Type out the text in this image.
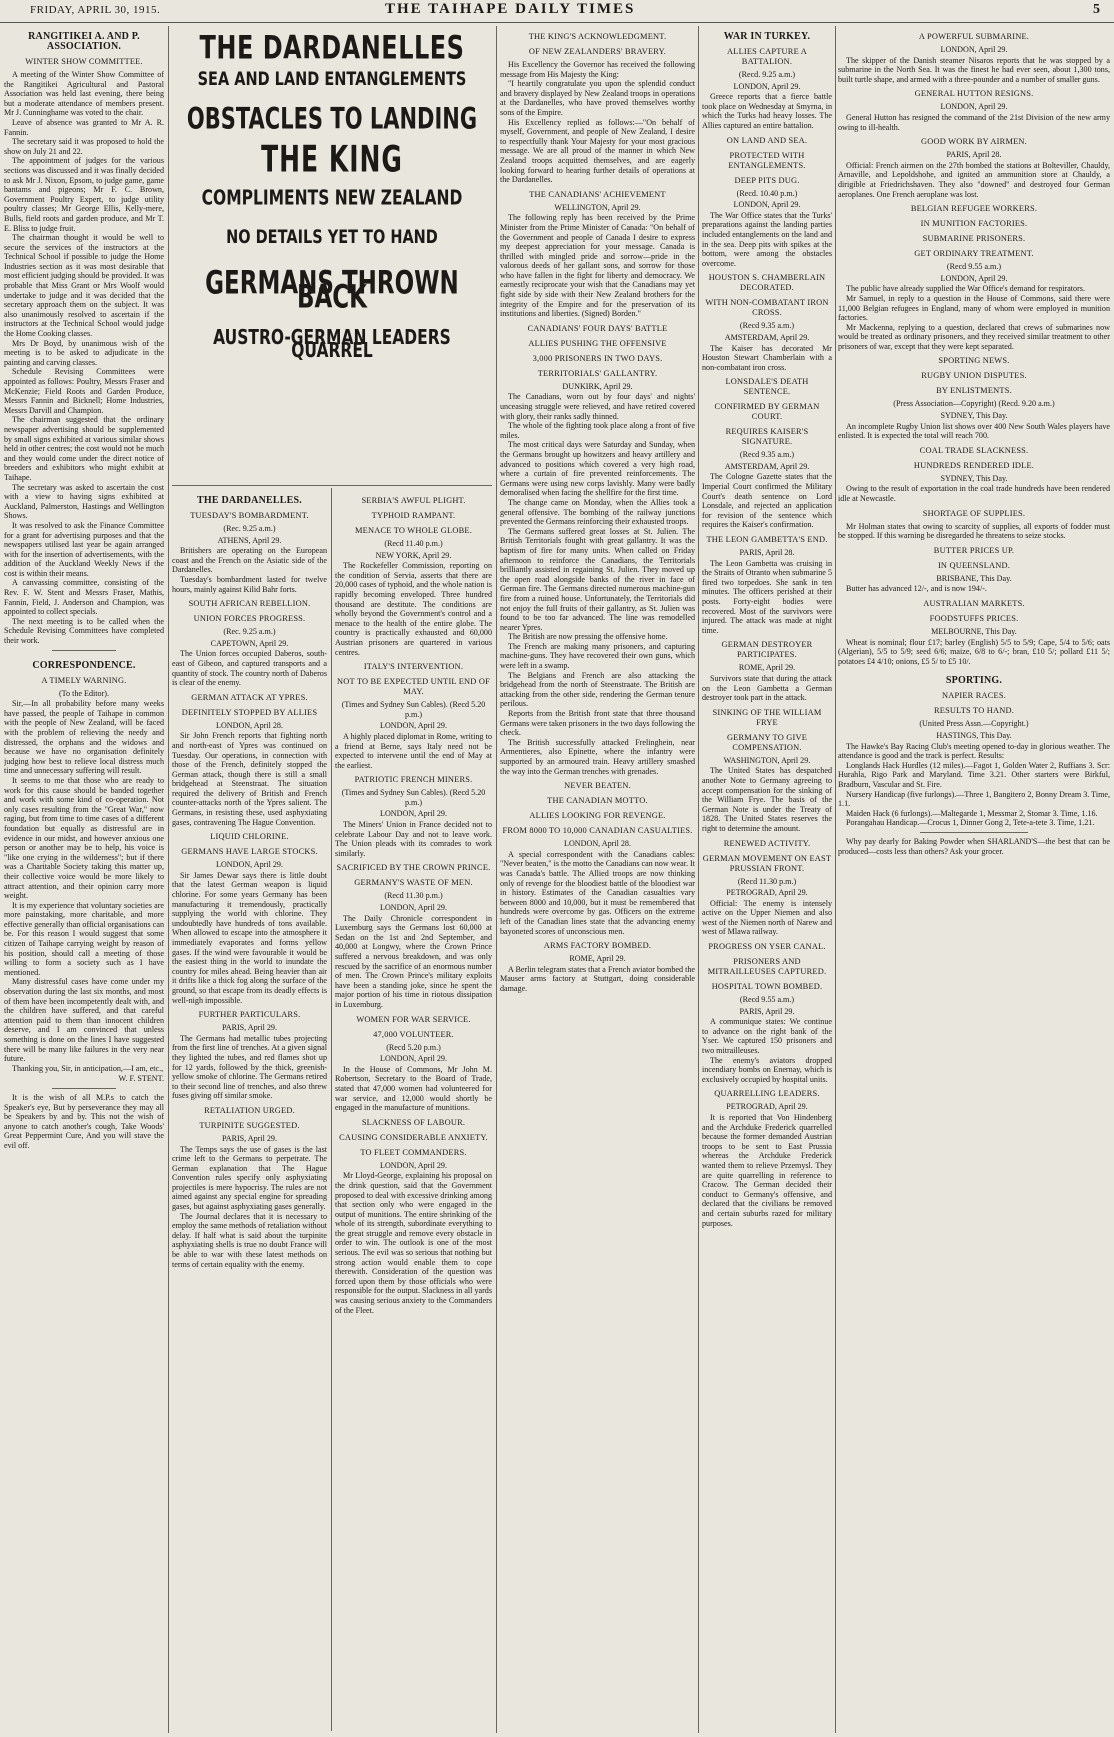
FRIDAY, APRIL 30, 1915.	THE TAIHAPE DAILY TIMES	5
RANGITIKEI A. AND P. ASSOCIATION.
WINTER SHOW COMMITTEE.

A meeting of the Winter Show Committee of the Rangitikei Agricultural and Pastoral Association was held last evening, there being but a moderate attendance of members present. Mr J. Cunninghame was voted to the chair.

Leave of absence was granted to Mr A. R. Fannin.

The secretary said it was proposed to hold the show on July 21 and 22.

The appointment of judges for the various sections was discussed and it was finally decided to ask Mr J. Nixon, Epsom, to judge game, game bantams and pigeons; Mr F. C. Brown, Government Poultry Expert, to judge utility poultry classes; Mr George Ellis, Kelly-mere, Bulls, field roots and garden produce, and Mr T. E. Bliss to judge fruit.

The chairman thought it would be well to secure the services of the instructors at the Technical School if possible to judge the Home Industries section as it was most desirable that most efficient judging should be provided. It was probable that Miss Grant or Mrs Woolf would undertake to judge and it was decided that the secretary approach them on the subject. It was also unanimously resolved to ascertain if the instructors at the Technical School would judge the Home Cooking classes.

Mrs Dr Boyd, by unanimous wish of the meeting is to be asked to adjudicate in the painting and carving classes.

Schedule Revising Committees were appointed as follows: Poultry, Messrs Fraser and McKenzie; Field Roots and Garden Produce, Messrs Fannin and Bicknell; Home Industries, Messrs Darvill and Champion.

The chairman suggested that the ordinary newspaper advertising should be supplemented by small signs exhibited at various similar shows held in other centres; the cost would not be much and they would come under the direct notice of breeders and exhibitors who might exhibit at Taihape.

The secretary was asked to ascertain the cost with a view to having signs exhibited at Auckland, Palmerston, Hastings and Wellington Shows.

It was resolved to ask the Finance Committee for a grant for advertising purposes and that the newspapers utilised last year be again arranged with for the insertion of advertisements, with the addition of the Auckland Weekly News if the cost is within their means.

A canvassing committee, consisting of the Rev. F. W. Stent and Messrs Fraser, Mathis, Fannin, Field, J. Anderson and Champion, was appointed to collect specials.

The next meeting is to be called when the Schedule Revising Committees have completed their work.

CORRESPONDENCE.
A TIMELY WARNING.
(To the Editor).

Sir,—In all probability before many weeks have passed, the people of Taihape in common with the people of New Zealand, will be faced with the problem of relieving the needy and distressed, the orphans and the widows and because we have no organisation definitely judging how best to relieve local distress much time and unnecessary suffering will result.

It seems to me that those who are ready to work for this cause should be banded together and work with some kind of co-operation. Not only cases resulting from the "Great War," now raging, but from time to time cases of a different foundation but equally as distressful are in evidence in our midst, and however anxious one person or another may be to help, his voice is "like one crying in the wilderness"; but if there was a Charitable Society taking this matter up, their collective voice would be more likely to attract attention, and their opinion carry more weight.

It is my experience that voluntary societies are more painstaking, more charitable, and more effective generally than official organisations can be. For this reason I would suggest that some citizen of Taihape carrying weight by reason of his position, should call a meeting of those willing to form a society such as I have mentioned.

Many distressful cases have come under my observation during the last six months, and most of them have been incompetently dealt with, and the children have suffered, and that careful attention paid to them than innocent children deserve, and I am convinced that unless something is done on the lines I have suggested there will be many like failures in the very near future.

Thanking you, Sir, in anticipation,—I am, etc.,

W. F. STENT.

It is the wish of all M.P.s to catch the Speaker's eye, But by perseverance they may all be Speakers by and by. This not the wish of anyone to catch another's cough, Take Woods' Great Peppermint Cure, And you will stave the evil off.

THE DARDANELLES
SEA AND LAND ENTANGLEMENTS
OBSTACLES TO LANDING
THE KING
COMPLIMENTS NEW ZEALAND
NO DETAILS YET TO HAND
GERMANS THROWN BACK
AUSTRO-GERMAN LEADERS QUARREL
THE DARDANELLES.
TUESDAY'S BOMBARDMENT.
(Rec. 9.25 a.m.)
ATHENS, April 29.

Britishers are operating on the European coast and the French on the Asiatic side of the Dardanelles.

Tuesday's bombardment lasted for twelve hours, mainly against Kilid Bahr forts.

SOUTH AFRICAN REBELLION.
UNION FORCES PROGRESS.
(Rec. 9.25 a.m.)
CAPETOWN, April 29.

The Union forces occupied Daberos, south-east of Gibeon, and captured transports and a quantity of stock. The country north of Daberos is clear of the enemy.

GERMAN ATTACK AT YPRES.
DEFINITELY STOPPED BY ALLIES
LONDON, April 28.

Sir John French reports that fighting north and north-east of Ypres was continued on Tuesday. Our operations, in connection with those of the French, definitely stopped the German attack, though there is still a small bridgehead at Steenstraat. The situation required the delivery of British and French counter-attacks north of the Ypres salient. The Germans, in resisting these, used asphyxiating gases, contravening The Hague Convention.

LIQUID CHLORINE.
GERMANS HAVE LARGE STOCKS.
LONDON, April 29.

Sir James Dewar says there is little doubt that the latest German weapon is liquid chlorine. For some years Germany has been manufacturing it tremendously, practically supplying the world with chlorine. They undoubtedly have hundreds of tons available. When allowed to escape into the atmosphere it immediately evaporates and forms yellow gases. If the wind were favourable it would be the easiest thing in the world to inundate the country for miles ahead. Being heavier than air it drifts like a thick fog along the surface of the ground, so that escape from its deadly effects is well-nigh impossible.

FURTHER PARTICULARS.
PARIS, April 29.

The Germans had metallic tubes projecting from the first line of trenches. At a given signal they lighted the tubes, and red flames shot up for 12 yards, followed by the thick, greenish-yellow smoke of chlorine. The Germans retired to their second line of trenches, and also threw fuses giving off similar smoke.

RETALIATION URGED.
TURPINITE SUGGESTED.
PARIS, April 29.

The Temps says the use of gases is the last crime left to the Germans to perpetrate. The German explanation that The Hague Convention rules specify only asphyxiating projectiles is mere hypocrisy. The rules are not aimed against any special engine for spreading gases, but against asphyxiating gases generally.

The Journal declares that it is necessary to employ the same methods of retaliation without delay. If half what is said about the turpinite asphyxiating shells is true no doubt France will be able to war with these latest methods on terms of certain equality with the enemy.

SERBIA'S AWFUL PLIGHT.
TYPHOID RAMPANT.
MENACE TO WHOLE GLOBE.
(Recd 11.40 p.m.)
NEW YORK, April 29.

The Rockefeller Commission, reporting on the condition of Servia, asserts that there are 20,000 cases of typhoid, and the whole nation is rapidly becoming enveloped. Three hundred thousand are destitute. The conditions are wholly beyond the Government's control and a menace to the health of the entire globe. The country is practically exhausted and 60,000 Austrian prisoners are quartered in various centres.

ITALY'S INTERVENTION.
NOT TO BE EXPECTED UNTIL END OF MAY.
(Times and Sydney Sun Cables). (Recd 5.20 p.m.)
LONDON, April 29.

A highly placed diplomat in Rome, writing to a friend at Berne, says Italy need not be expected to intervene until the end of May at the earliest.

PATRIOTIC FRENCH MINERS.
(Times and Sydney Sun Cables). (Recd 5.20 p.m.)
LONDON, April 29.

The Miners' Union in France decided not to celebrate Labour Day and not to leave work. The Union pleads with its comrades to work similarly.

SACRIFICED BY THE CROWN PRINCE.
GERMANY'S WASTE OF MEN.
(Recd 11.30 p.m.)
LONDON, April 29.

The Daily Chronicle correspondent in Luxemburg says the Germans lost 60,000 at Sedan on the 1st and 2nd September, and 40,000 at Longwy, where the Crown Prince suffered a nervous breakdown, and was only rescued by the sacrifice of an enormous number of men. The Crown Prince's military exploits have been a standing joke, since he spent the major portion of his time in riotous dissipation in Luxemburg.

WOMEN FOR WAR SERVICE.
47,000 VOLUNTEER.
(Recd 5.20 p.m.)
LONDON, April 29.

In the House of Commons, Mr John M. Robertson, Secretary to the Board of Trade, stated that 47,000 women had volunteered for war service, and 12,000 would shortly be engaged in the manufacture of munitions.

SLACKNESS OF LABOUR.
CAUSING CONSIDERABLE ANXIETY.
TO FLEET COMMANDERS.
LONDON, April 29.

Mr Lloyd-George, explaining his proposal on the drink question, said that the Government proposed to deal with excessive drinking among that section only who were engaged in the output of munitions. The entire shrinking of the whole of its strength, subordinate everything to the great struggle and remove every obstacle in order to win. The outlook is one of the most serious. The evil was so serious that nothing but strong action would enable them to cope therewith. Consideration of the question was forced upon them by those officials who were responsible for the output. Slackness in all yards was causing serious anxiety to the Commanders of the Fleet.

THE KING'S ACKNOWLEDGMENT.
OF NEW ZEALANDERS' BRAVERY.

His Excellency the Governor has received the following message from His Majesty the King:

"I heartily congratulate you upon the splendid conduct and bravery displayed by New Zealand troops in operations at the Dardanelles, who have proved themselves worthy sons of the Empire.

His Excellency replied as follows:—"On behalf of myself, Government, and people of New Zealand, I desire to respectfully thank Your Majesty for your most gracious message. We are all proud of the manner in which New Zealand troops acquitted themselves, and are eagerly looking forward to hearing further details of operations at the Dardanelles.

THE CANADIANS' ACHIEVEMENT
WELLINGTON, April 29.

The following reply has been received by the Prime Minister from the Prime Minister of Canada: "On behalf of the Government and people of Canada I desire to express my deepest appreciation for your message. Canada is thrilled with mingled pride and sorrow—pride in the valorous deeds of her gallant sons, and sorrow for those who have fallen in the fight for liberty and democracy. We earnestly reciprocate your wish that the Canadians may yet fight side by side with their New Zealand brothers for the integrity of the Empire and for the preservation of its institutions and liberties. (Signed) Borden."

CANADIANS' FOUR DAYS' BATTLE
ALLIES PUSHING THE OFFENSIVE
3,000 PRISONERS IN TWO DAYS.
TERRITORIALS' GALLANTRY.
DUNKIRK, April 29.

The Canadians, worn out by four days' and nights' unceasing struggle were relieved, and have retired covered with glory, their ranks sadly thinned.

The whole of the fighting took place along a front of five miles.

The most critical days were Saturday and Sunday, when the Germans brought up howitzers and heavy artillery and advanced to positions which covered a very high road, where a curtain of fire prevented reinforcements. The Germans were using new corps lavishly. Many were badly demoralised when facing the shellfire for the first time.

The change came on Monday, when the Allies took a general offensive. The bombing of the railway junctions prevented the Germans reinforcing their exhausted troops.

The Germans suffered great losses at St. Julien. The British Territorials fought with great gallantry. It was the baptism of fire for many units. When called on Friday afternoon to reinforce the Canadians, the Territorials brilliantly assisted in regaining St. Julien. They moved up the open road alongside banks of the river in face of German fire. The Germans directed numerous machine-gun fire from a ruined house. Unfortunately, the Territorials did not enjoy the full fruits of their gallantry, as St. Julien was found to be too far advanced. The line was remodelled nearer Ypres.

The British are now pressing the offensive home.

The French are making many prisoners, and capturing machine-guns. They have recovered their own guns, which were left in a swamp.

The Belgians and French are also attacking the bridgehead from the north of Steenstraate. The British are attacking from the other side, rendering the German tenure perilous.

Reports from the British front state that three thousand Germans were taken prisoners in the two days following the check.

The British successfully attacked Frelinghein, near Armentieres, also Epinette, where the infantry were supported by an armoured train. Heavy artillery smashed the way into the German trenches with grenades.

NEVER BEATEN.
THE CANADIAN MOTTO.
ALLIES LOOKING FOR REVENGE.
FROM 8000 TO 10,000 CANADIAN CASUALTIES.
LONDON, April 28.

A special correspondent with the Canadians cables: "Never beaten," is the motto the Canadians can now wear. It was Canada's battle. The Allied troops are now thinking only of revenge for the bloodiest battle of the bloodiest war in history. Estimates of the Canadian casualties vary between 8000 and 10,000, but it must be remembered that hundreds were overcome by gas. Officers on the extreme left of the Canadian lines state that the advancing enemy bayoneted scores of unconscious men.

ARMS FACTORY BOMBED.
ROME, April 29.

A Berlin telegram states that a French aviator bombed the Mauser arms factory at Stuttgart, doing considerable damage.

WAR IN TURKEY.
ALLIES CAPTURE A BATTALION.
(Recd. 9.25 a.m.)
LONDON, April 29.

Greece reports that a fierce battle took place on Wednesday at Smyrna, in which the Turks had heavy losses. The Allies captured an entire battalion.

ON LAND AND SEA.
PROTECTED WITH ENTANGLEMENTS.
DEEP PITS DUG.
(Recd. 10.40 p.m.)
LONDON, April 29.

The War Office states that the Turks' preparations against the landing parties included entanglements on the land and in the sea. Deep pits with spikes at the bottom, were among the obstacles overcome.

HOUSTON S. CHAMBERLAIN DECORATED.
WITH NON-COMBATANT IRON CROSS.
(Recd 9.35 a.m.)
AMSTERDAM, April 29.

The Kaiser has decorated Mr Houston Stewart Chamberlain with a non-combatant iron cross.

LONSDALE'S DEATH SENTENCE.
CONFIRMED BY GERMAN COURT.
REQUIRES KAISER'S SIGNATURE.
(Recd 9.35 a.m.)
AMSTERDAM, April 29.

The Cologne Gazette states that the Imperial Court confirmed the Military Court's death sentence on Lord Lonsdale, and rejected an application for revision of the sentence which requires the Kaiser's confirmation.

THE LEON GAMBETTA'S END.
PARIS, April 28.

The Leon Gambetta was cruising in the Straits of Otranto when submarine 5 fired two torpedoes. She sank in ten minutes. The officers perished at their posts. Forty-eight bodies were recovered. Most of the survivors were injured. The attack was made at night time.

GERMAN DESTROYER PARTICIPATES.
ROME, April 29.

Survivors state that during the attack on the Leon Gambetta a German destroyer took part in the attack.

SINKING OF THE WILLIAM FRYE
GERMANY TO GIVE COMPENSATION.
WASHINGTON, April 29.

The United States has despatched another Note to Germany agreeing to accept compensation for the sinking of the William Frye. The basis of the German Note is under the Treaty of 1828. The United States reserves the right to determine the amount.

RENEWED ACTIVITY.
GERMAN MOVEMENT ON EAST PRUSSIAN FRONT.
(Recd 11.30 p.m.)
PETROGRAD, April 29.

Official: The enemy is intensely active on the Upper Niemen and also west of the Niemen north of Narew and west of Mlawa railway.

PROGRESS ON YSER CANAL.
PRISONERS AND MITRAILLEUSES CAPTURED.
HOSPITAL TOWN BOMBED.
(Recd 9.55 a.m.)
PARIS, April 29.

A communique states: We continue to advance on the right bank of the Yser. We captured 150 prisoners and two mitrailleuses.

The enemy's aviators dropped incendiary bombs on Enernay, which is exclusively occupied by hospital units.

QUARRELLING LEADERS.
PETROGRAD, April 29.

It is reported that Von Hindenberg and the Archduke Frederick quarrelled because the former demanded Austrian troops to be sent to East Prussia whereas the Archduke Frederick wanted them to relieve Przemysl. They are quite quarrelling in reference to Cracow. The German decided their conduct to Germany's offensive, and declared that the civilians be removed and certain suburbs razed for military purposes.

A POWERFUL SUBMARINE.
LONDON, April 29.

The skipper of the Danish steamer Nisaros reports that he was stopped by a submarine in the North Sea. It was the finest he had ever seen, about 1,300 tons, built turtle shape, and armed with a three-pounder and a number of smaller guns.

GENERAL HUTTON RESIGNS.
LONDON, April 29.

General Hutton has resigned the command of the 21st Division of the new army owing to ill-health.

GOOD WORK BY AIRMEN.
PARIS, April 28.

Official: French airmen on the 27th bombed the stations at Bolteviller, Chauldy, Arnaville, and Lepoldshohe, and ignited an ammunition store at Chauldy, a dirigible at Friedrichshaven. They also "downed" and destroyed four German aeroplanes. One French aeroplane was lost.

BELGIAN REFUGEE WORKERS.
IN MUNITION FACTORIES.
SUBMARINE PRISONERS.
GET ORDINARY TREATMENT.
(Recd 9.55 a.m.)
LONDON, April 29.

The public have already supplied the War Office's demand for respirators.

Mr Samuel, in reply to a question in the House of Commons, said there were 11,000 Belgian refugees in England, many of whom were employed in munition factories.

Mr Mackenna, replying to a question, declared that crews of submarines now would be treated as ordinary prisoners, and they received similar treatment to other prisoners of war, except that they were kept separated.

SPORTING NEWS.
RUGBY UNION DISPUTES.
BY ENLISTMENTS.
(Press Association—Copyright) (Recd. 9.20 a.m.)
SYDNEY, This Day.

An incomplete Rugby Union list shows over 400 New South Wales players have enlisted. It is expected the total will reach 700.

COAL TRADE SLACKNESS.
HUNDREDS RENDERED IDLE.
SYDNEY, This Day.

Owing to the result of exportation in the coal trade hundreds have been rendered idle at Newcastle.

SHORTAGE OF SUPPLIES.

Mr Holman states that owing to scarcity of supplies, all exports of fodder must be stopped. If this warning be disregarded he threatens to seize stocks.

BUTTER PRICES UP.
IN QUEENSLAND.
BRISBANE, This Day.

Butter has advanced 12/-, and is now 194/-.

AUSTRALIAN MARKETS.
FOODSTUFFS PRICES.
MELBOURNE, This Day.

Wheat is nominal; flour £17; barley (English) 5/5 to 5/9; Cape, 5/4 to 5/6; oats (Algerian), 5/5 to 5/9; seed 6/6; maize, 6/8 to 6/-; bran, £10 5/; pollard £11 5/; potatoes £4 4/10; onions, £5 5/ to £5 10/.

SPORTING.
NAPIER RACES.
RESULTS TO HAND.
(United Press Assn.—Copyright.)
HASTINGS, This Day.

The Hawke's Bay Racing Club's meeting opened to-day in glorious weather. The attendance is good and the track is perfect. Results:

Longlands Hack Hurdles (12 miles).—Fagot 1, Golden Water 2, Ruffians 3. Scr: Hurahla, Rigo Park and Maryland. Time 3.21. Other starters were Birkful, Bradburn, Vascular and St. Fire.

Nursery Handicap (five furlongs).—Three 1, Bangitero 2, Bonny Dream 3. Time, 1.1.

Maiden Hack (6 furlongs).—Maltegarde 1, Messmar 2, Stomar 3. Time, 1.16.

Porangahau Handicap.—Crocus 1, Dinner Gong 2, Tete-a-tete 3. Time, 1.21.

Why pay dearly for Baking Powder when SHARLAND'S—the best that can be produced—costs less than others? Ask your grocer.
